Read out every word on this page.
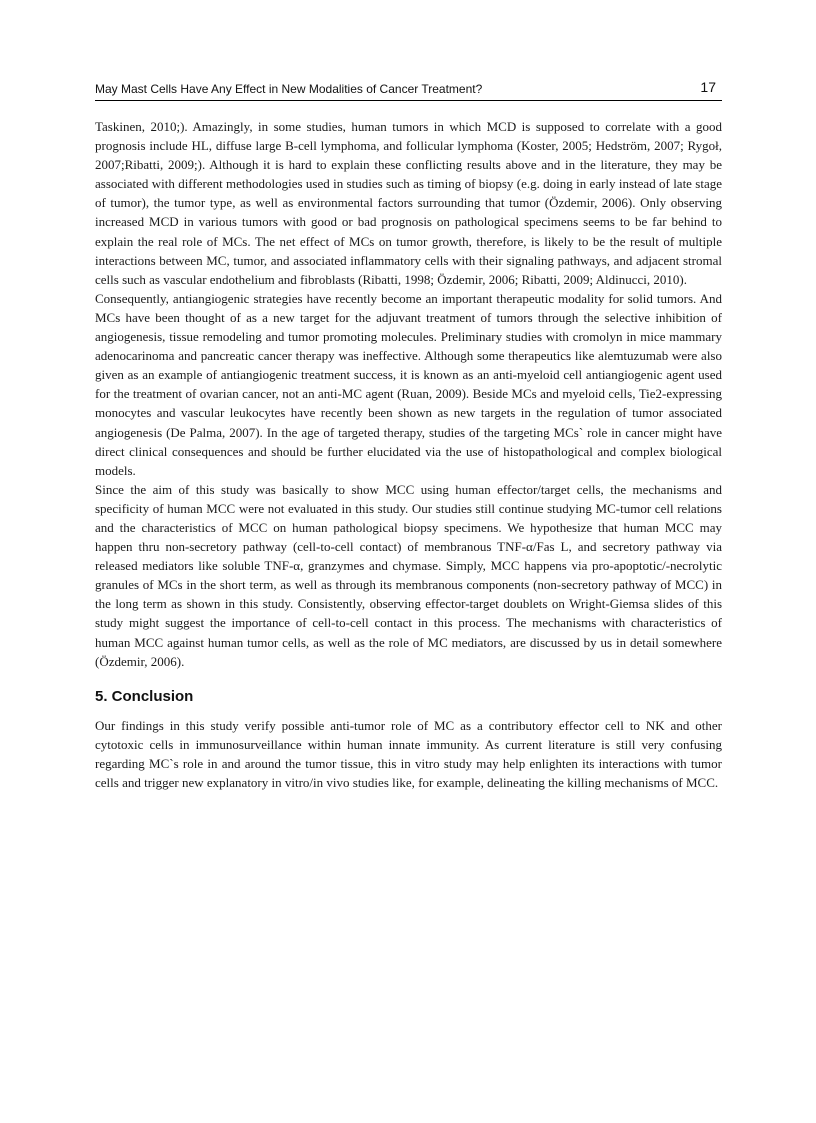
May Mast Cells Have Any Effect in New Modalities of Cancer Treatment?	17

Taskinen, 2010;). Amazingly, in some studies, human tumors in which MCD is supposed to correlate with a good prognosis include HL, diffuse large B-cell lymphoma, and follicular lymphoma (Koster, 2005; Hedström, 2007; Rygoł, 2007;Ribatti, 2009;). Although it is hard to explain these conflicting results above and in the literature, they may be associated with different methodologies used in studies such as timing of biopsy (e.g. doing in early instead of late stage of tumor), the tumor type, as well as environmental factors surrounding that tumor (Özdemir, 2006). Only observing increased MCD in various tumors with good or bad prognosis on pathological specimens seems to be far behind to explain the real role of MCs. The net effect of MCs on tumor growth, therefore, is likely to be the result of multiple interactions between MC, tumor, and associated inflammatory cells with their signaling pathways, and adjacent stromal cells such as vascular endothelium and fibroblasts (Ribatti, 1998; Özdemir, 2006; Ribatti, 2009; Aldinucci, 2010).

Consequently, antiangiogenic strategies have recently become an important therapeutic modality for solid tumors. And MCs have been thought of as a new target for the adjuvant treatment of tumors through the selective inhibition of angiogenesis, tissue remodeling and tumor promoting molecules. Preliminary studies with cromolyn in mice mammary adenocarinoma and pancreatic cancer therapy was ineffective. Although some therapeutics like alemtuzumab were also given as an example of antiangiogenic treatment success, it is known as an anti-myeloid cell antiangiogenic agent used for the treatment of ovarian cancer, not an anti-MC agent (Ruan, 2009). Beside MCs and myeloid cells, Tie2-expressing monocytes and vascular leukocytes have recently been shown as new targets in the regulation of tumor associated angiogenesis (De Palma, 2007). In the age of targeted therapy, studies of the targeting MCs` role in cancer might have direct clinical consequences and should be further elucidated via the use of histopathological and complex biological models.

Since the aim of this study was basically to show MCC using human effector/target cells, the mechanisms and specificity of human MCC were not evaluated in this study. Our studies still continue studying MC-tumor cell relations and the characteristics of MCC on human pathological biopsy specimens. We hypothesize that human MCC may happen thru non-secretory pathway (cell-to-cell contact) of membranous TNF-α/Fas L, and secretory pathway via released mediators like soluble TNF-α, granzymes and chymase. Simply, MCC happens via pro-apoptotic/-necrolytic granules of MCs in the short term, as well as through its membranous components (non-secretory pathway of MCC) in the long term as shown in this study. Consistently, observing effector-target doublets on Wright-Giemsa slides of this study might suggest the importance of cell-to-cell contact in this process. The mechanisms with characteristics of human MCC against human tumor cells, as well as the role of MC mediators, are discussed by us in detail somewhere (Özdemir, 2006).

5. Conclusion

Our findings in this study verify possible anti-tumor role of MC as a contributory effector cell to NK and other cytotoxic cells in immunosurveillance within human innate immunity. As current literature is still very confusing regarding MC`s role in and around the tumor tissue, this in vitro study may help enlighten its interactions with tumor cells and trigger new explanatory in vitro/in vivo studies like, for example, delineating the killing mechanisms of MCC.
